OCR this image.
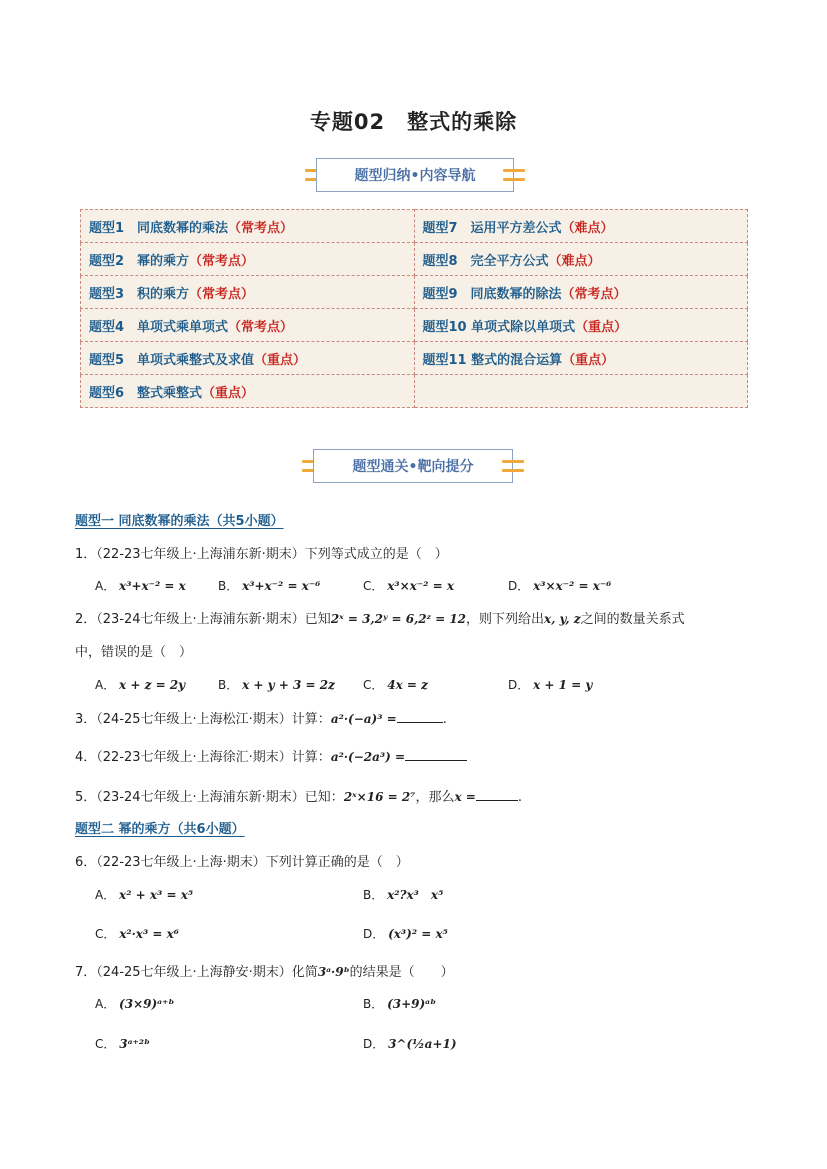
专题02　整式的乘除
题型归纳•内容导航
题型1　同底数幂的乘法（常考点）	题型7　运用平方差公式（难点）
题型2　幂的乘方（常考点）	题型8　完全平方公式（难点）
题型3　积的乘方（常考点）	题型9　同底数幂的除法（常考点）
题型4　单项式乘单项式（常考点）	题型10 单项式除以单项式（重点）
题型5　单项式乘整式及求值（重点）	题型11 整式的混合运算（重点）
题型6　整式乘整式（重点）	
题型通关•靶向提分
题型一 同底数幂的乘法（共5小题）
1．（22-23七年级上·上海浦东新·期末）下列等式成立的是（　）
A． x³+x⁻² = x	B． x³+x⁻² = x⁻⁶	C． x³×x⁻² = x	D． x³×x⁻² = x⁻⁶
2．（23-24七年级上·上海浦东新·期末）已知2ˣ = 3,2ʸ = 6,2ᶻ = 12，则下列给出x, y, z之间的数量关系式
中，错误的是（　）
A． x + z = 2y	B． x + y + 3 = 2z C． 4x = z	D． x + 1 = y
3．（24-25七年级上·上海松江·期末）计算：a²·(−a)³ =	.
4．（22-23七年级上·上海徐汇·期末）计算：a²·(−2a³) =
5．（23-24七年级上·上海浦东新·期末）已知：2ˣ×16 = 2⁷，那么x =	.
题型二 幂的乘方（共6小题）
6．（22-23七年级上·上海·期末）下列计算正确的是（　）
A． x² + x³ = x⁵	B． x²?x³　x⁵
C． x²·x³ = x⁶	D． (x³)² = x⁵
7．（24-25七年级上·上海静安·期末）化简3ᵃ·9ᵇ的结果是（　　）
A． (3×9)ᵃ⁺ᵇ	B． (3+9)ᵃᵇ
C． 3ᵃ⁺²ᵇ	D． 3^(½a+1)
